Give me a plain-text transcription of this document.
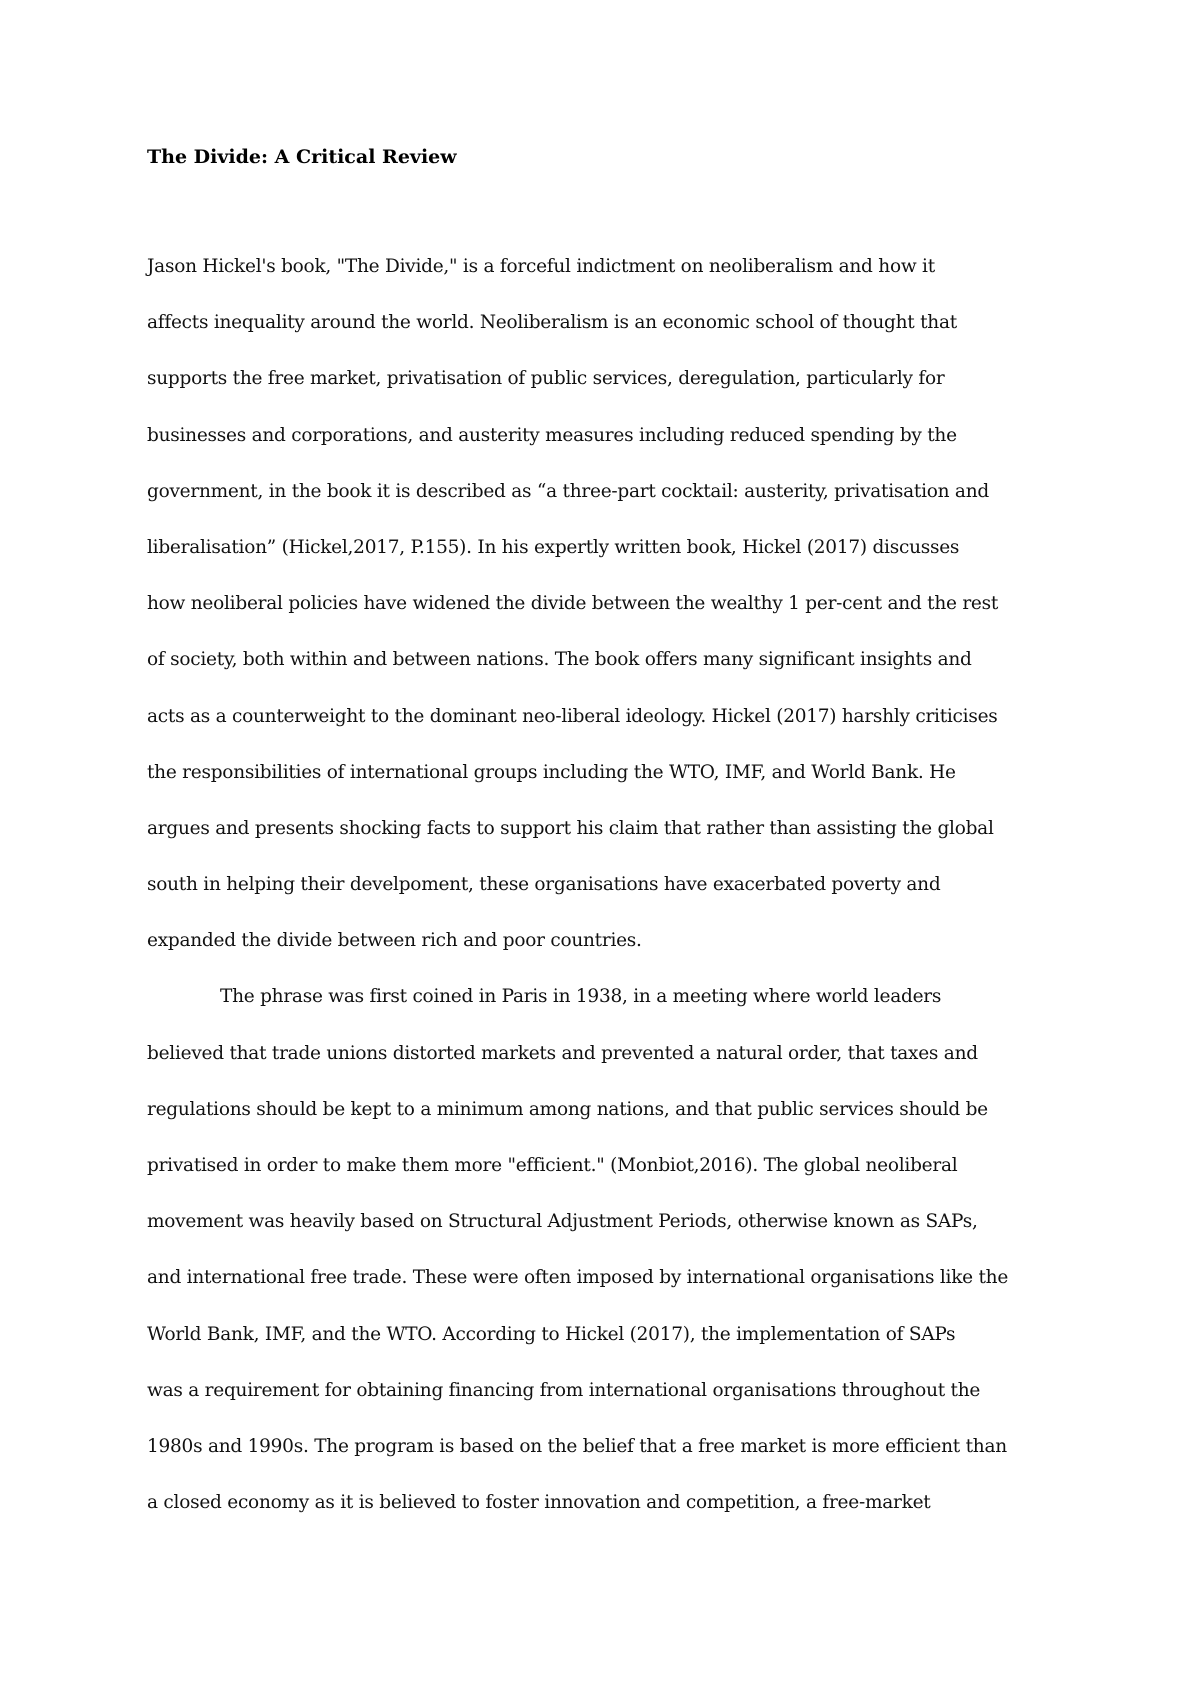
The Divide: A Critical Review
Jason Hickel's book, "The Divide," is a forceful indictment on neoliberalism and how it
affects inequality around the world. Neoliberalism is an economic school of thought that
supports the free market, privatisation of public services, deregulation, particularly for
businesses and corporations, and austerity measures including reduced spending by the
government, in the book it is described as “a three-part cocktail: austerity, privatisation and
liberalisation” (Hickel,2017, P.155). In his expertly written book, Hickel (2017) discusses
how neoliberal policies have widened the divide between the wealthy 1 per-cent and the rest
of society, both within and between nations. The book offers many significant insights and
acts as a counterweight to the dominant neo-liberal ideology. Hickel (2017) harshly criticises
the responsibilities of international groups including the WTO, IMF, and World Bank. He
argues and presents shocking facts to support his claim that rather than assisting the global
south in helping their develpoment, these organisations have exacerbated poverty and
expanded the divide between rich and poor countries.
The phrase was first coined in Paris in 1938, in a meeting where world leaders
believed that trade unions distorted markets and prevented a natural order, that taxes and
regulations should be kept to a minimum among nations, and that public services should be
privatised in order to make them more "efficient." (Monbiot,2016). The global neoliberal
movement was heavily based on Structural Adjustment Periods, otherwise known as SAPs,
and international free trade. These were often imposed by international organisations like the
World Bank, IMF, and the WTO. According to Hickel (2017), the implementation of SAPs
was a requirement for obtaining financing from international organisations throughout the
1980s and 1990s. The program is based on the belief that a free market is more efficient than
a closed economy as it is believed to foster innovation and competition, a free-market
